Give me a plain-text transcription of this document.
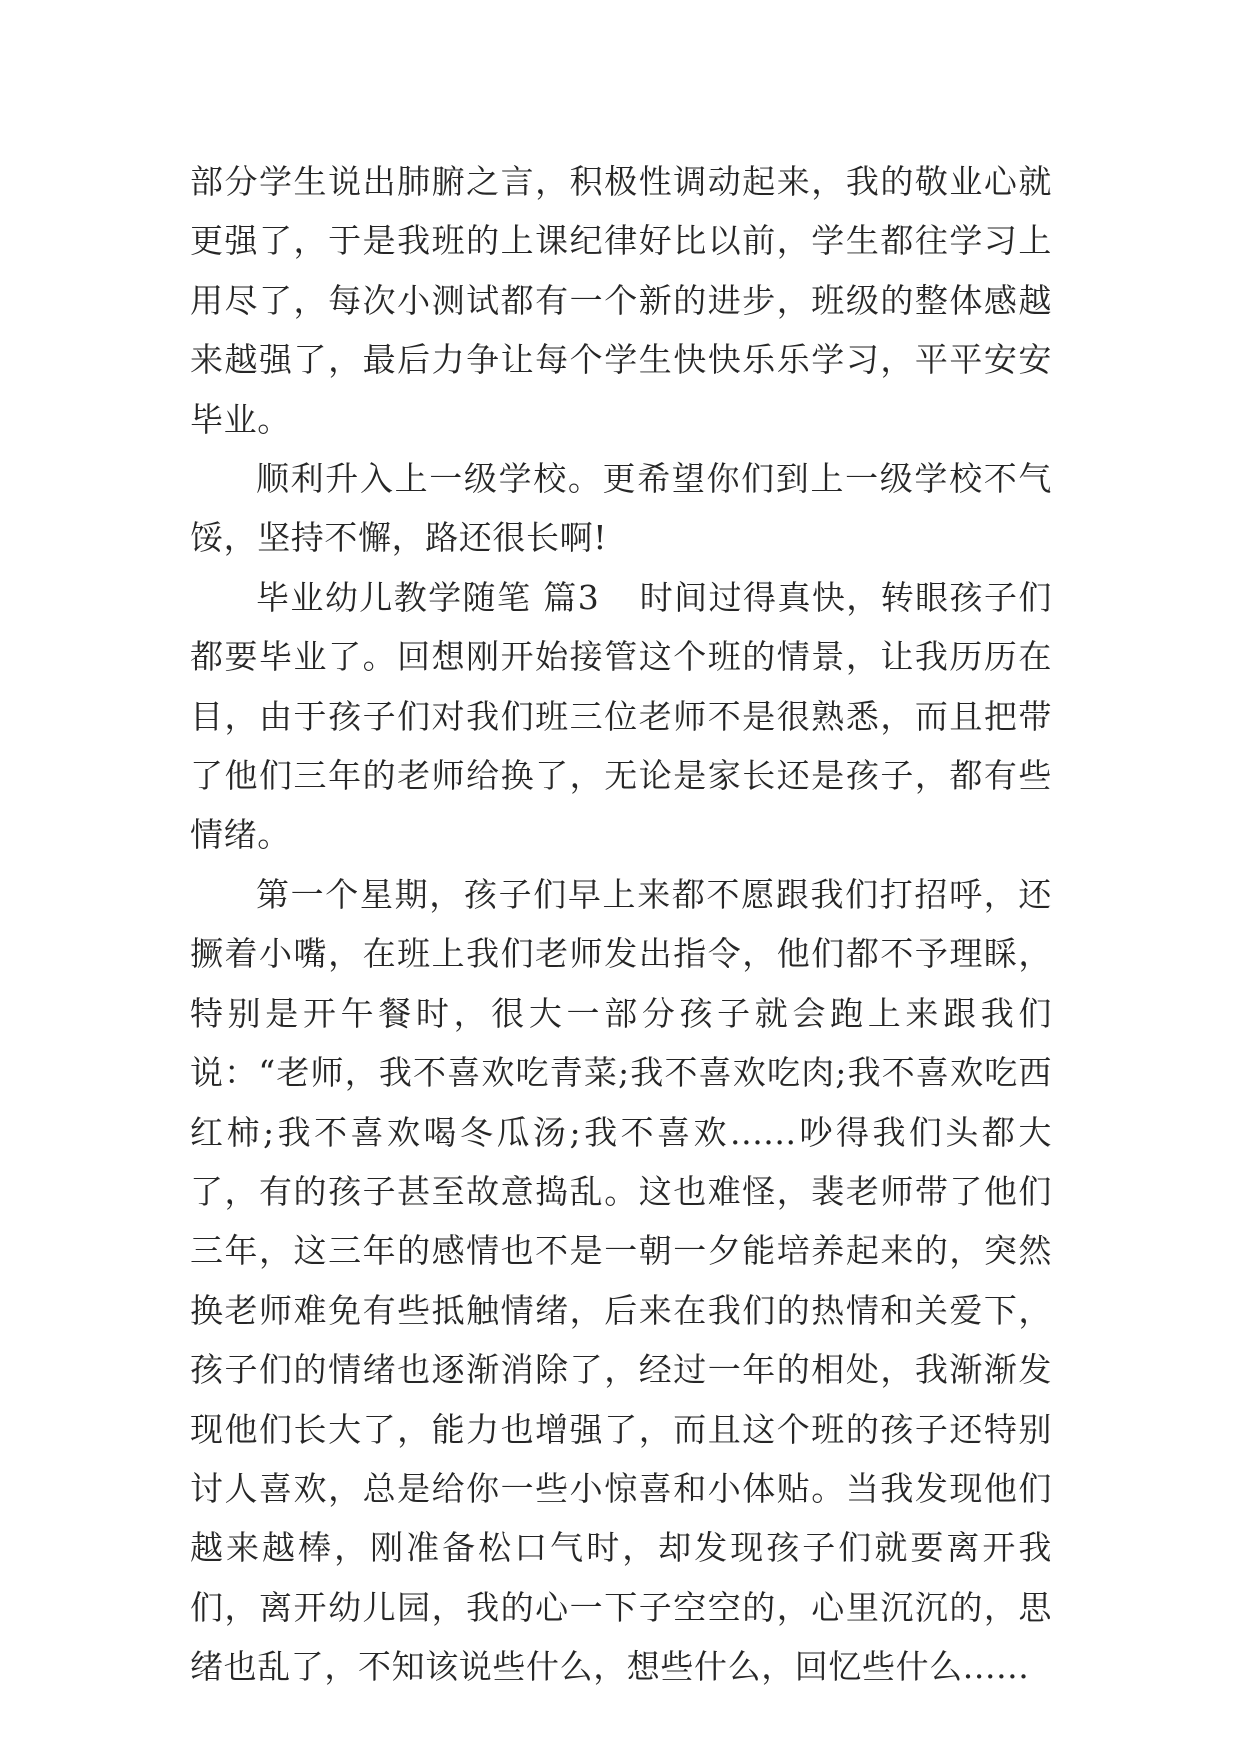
部分学生说出肺腑之言，积极性调动起来，我的敬业心就更强了，于是我班的上课纪律好比以前，学生都往学习上用尽了，每次小测试都有一个新的进步，班级的整体感越来越强了，最后力争让每个学生快快乐乐学习，平平安安毕业。

顺利升入上一级学校。更希望你们到上一级学校不气馁，坚持不懈，路还很长啊!

毕业幼儿教学随笔 篇3 时间过得真快，转眼孩子们都要毕业了。回想刚开始接管这个班的情景，让我历历在目，由于孩子们对我们班三位老师不是很熟悉，而且把带了他们三年的老师给换了，无论是家长还是孩子，都有些情绪。

第一个星期，孩子们早上来都不愿跟我们打招呼，还撅着小嘴，在班上我们老师发出指令，他们都不予理睬，特别是开午餐时，很大一部分孩子就会跑上来跟我们说：“老师，我不喜欢吃青菜;我不喜欢吃肉;我不喜欢吃西红柿;我不喜欢喝冬瓜汤;我不喜欢......吵得我们头都大了，有的孩子甚至故意捣乱。这也难怪，裴老师带了他们三年，这三年的感情也不是一朝一夕能培养起来的，突然换老师难免有些抵触情绪，后来在我们的热情和关爱下，孩子们的情绪也逐渐消除了，经过一年的相处，我渐渐发现他们长大了，能力也增强了，而且这个班的孩子还特别讨人喜欢，总是给你一些小惊喜和小体贴。当我发现他们越来越棒，刚准备松口气时，却发现孩子们就要离开我们，离开幼儿园，我的心一下子空空的，心里沉沉的，思绪也乱了，不知该说些什么，想些什么，回忆些什么......
